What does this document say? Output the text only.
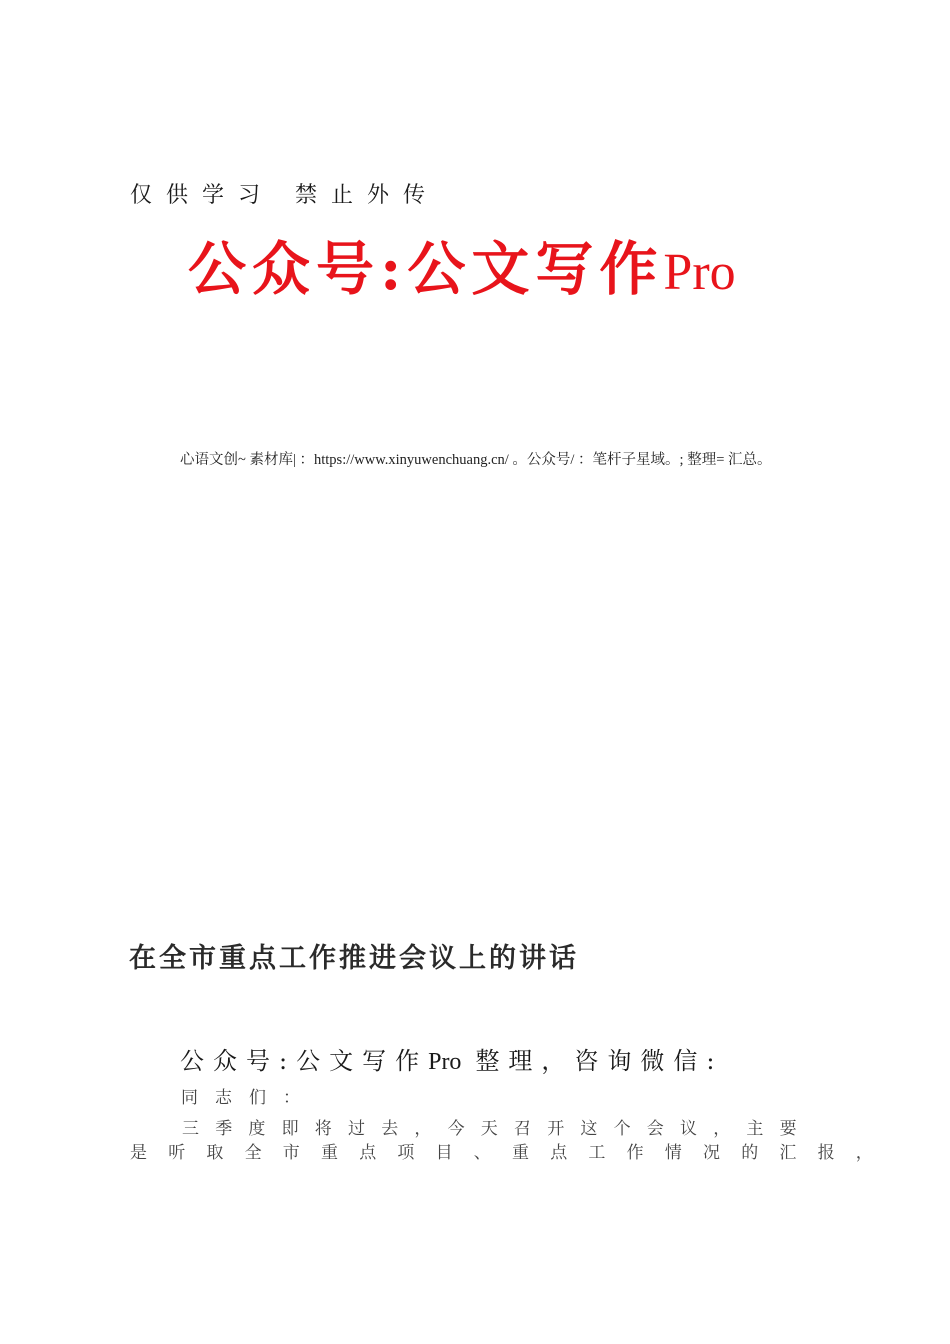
仅供学习 禁止外传
公众号:公文写作Pro
心语文创~ 素材库| ：https://www.xinyuwenchuang.cn/ 。公众号/ ：笔杆子星域。; 整理= 汇总。
在全市重点工作推进会议上的讲话
公众号:公文写作Pro 整理，咨询微信:
同志们：
三季度即将过去，今天召开这个会议，主要
是听取全市重点项目、重点工作情况的汇报，
